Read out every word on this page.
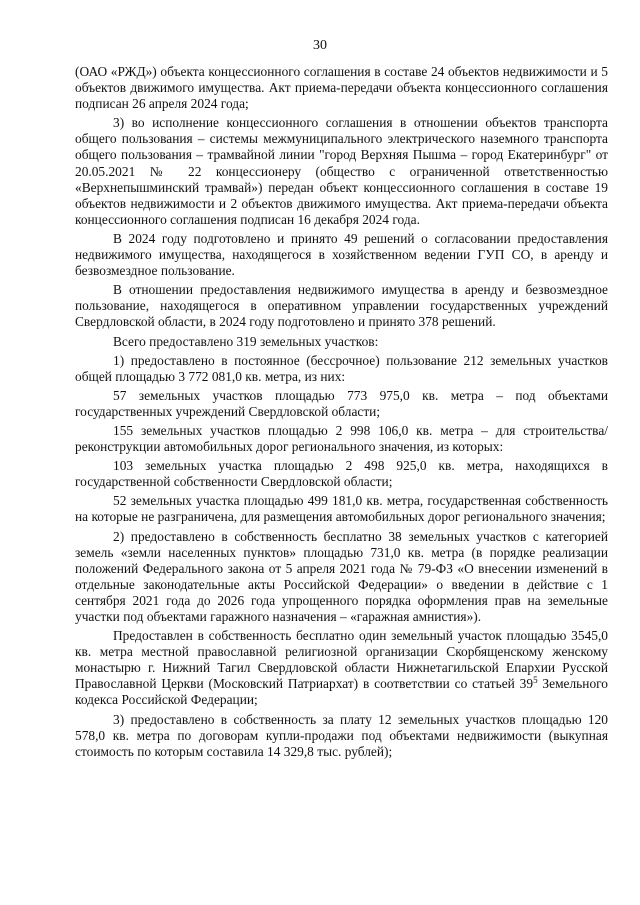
30

(ОАО «РЖД») объекта концессионного соглашения в составе 24 объектов недвижимости и 5 объектов движимого имущества. Акт приема-передачи объекта концессионного соглашения подписан 26 апреля 2024 года;

3) во исполнение концессионного соглашения в отношении объектов транспорта общего пользования – системы межмуниципального электрического наземного транспорта общего пользования – трамвайной линии "город Верхняя Пышма – город Екатеринбург" от 20.05.2021 № 22 концессионеру (общество с ограниченной ответственностью «Верхнепышминский трамвай») передан объект концессионного соглашения в составе 19 объектов недвижимости и 2 объектов движимого имущества. Акт приема-передачи объекта концессионного соглашения подписан 16 декабря 2024 года.

В 2024 году подготовлено и принято 49 решений о согласовании предоставления недвижимого имущества, находящегося в хозяйственном ведении ГУП СО, в аренду и безвозмездное пользование.

В отношении предоставления недвижимого имущества в аренду и безвозмездное пользование, находящегося в оперативном управлении государственных учреждений Свердловской области, в 2024 году подготовлено и принято 378 решений.

Всего предоставлено 319 земельных участков:

1) предоставлено в постоянное (бессрочное) пользование 212 земельных участков общей площадью 3 772 081,0 кв. метра, из них:

57 земельных участков площадью 773 975,0 кв. метра – под объектами государственных учреждений Свердловской области;

155 земельных участков площадью 2 998 106,0 кв. метра – для строительства/реконструкции автомобильных дорог регионального значения, из которых:

103 земельных участка площадью 2 498 925,0 кв. метра, находящихся в государственной собственности Свердловской области;

52 земельных участка площадью 499 181,0 кв. метра, государственная собственность на которые не разграничена, для размещения автомобильных дорог регионального значения;

2) предоставлено в собственность бесплатно 38 земельных участков с категорией земель «земли населенных пунктов» площадью 731,0 кв. метра (в порядке реализации положений Федерального закона от 5 апреля 2021 года № 79-ФЗ «О внесении изменений в отдельные законодательные акты Российской Федерации» о введении в действие с 1 сентября 2021 года до 2026 года упрощенного порядка оформления прав на земельные участки под объектами гаражного назначения – «гаражная амнистия»).

Предоставлен в собственность бесплатно один земельный участок площадью 3545,0 кв. метра местной православной религиозной организации Скорбященскому женскому монастырю г. Нижний Тагил Свердловской области Нижнетагильской Епархии Русской Православной Церкви (Московский Патриархат) в соответствии со статьей $39^5$ Земельного кодекса Российской Федерации;

3) предоставлено в собственность за плату 12 земельных участков площадью 120 578,0 кв. метра по договорам купли-продажи под объектами недвижимости (выкупная стоимость по которым составила 14 329,8 тыс. рублей);
